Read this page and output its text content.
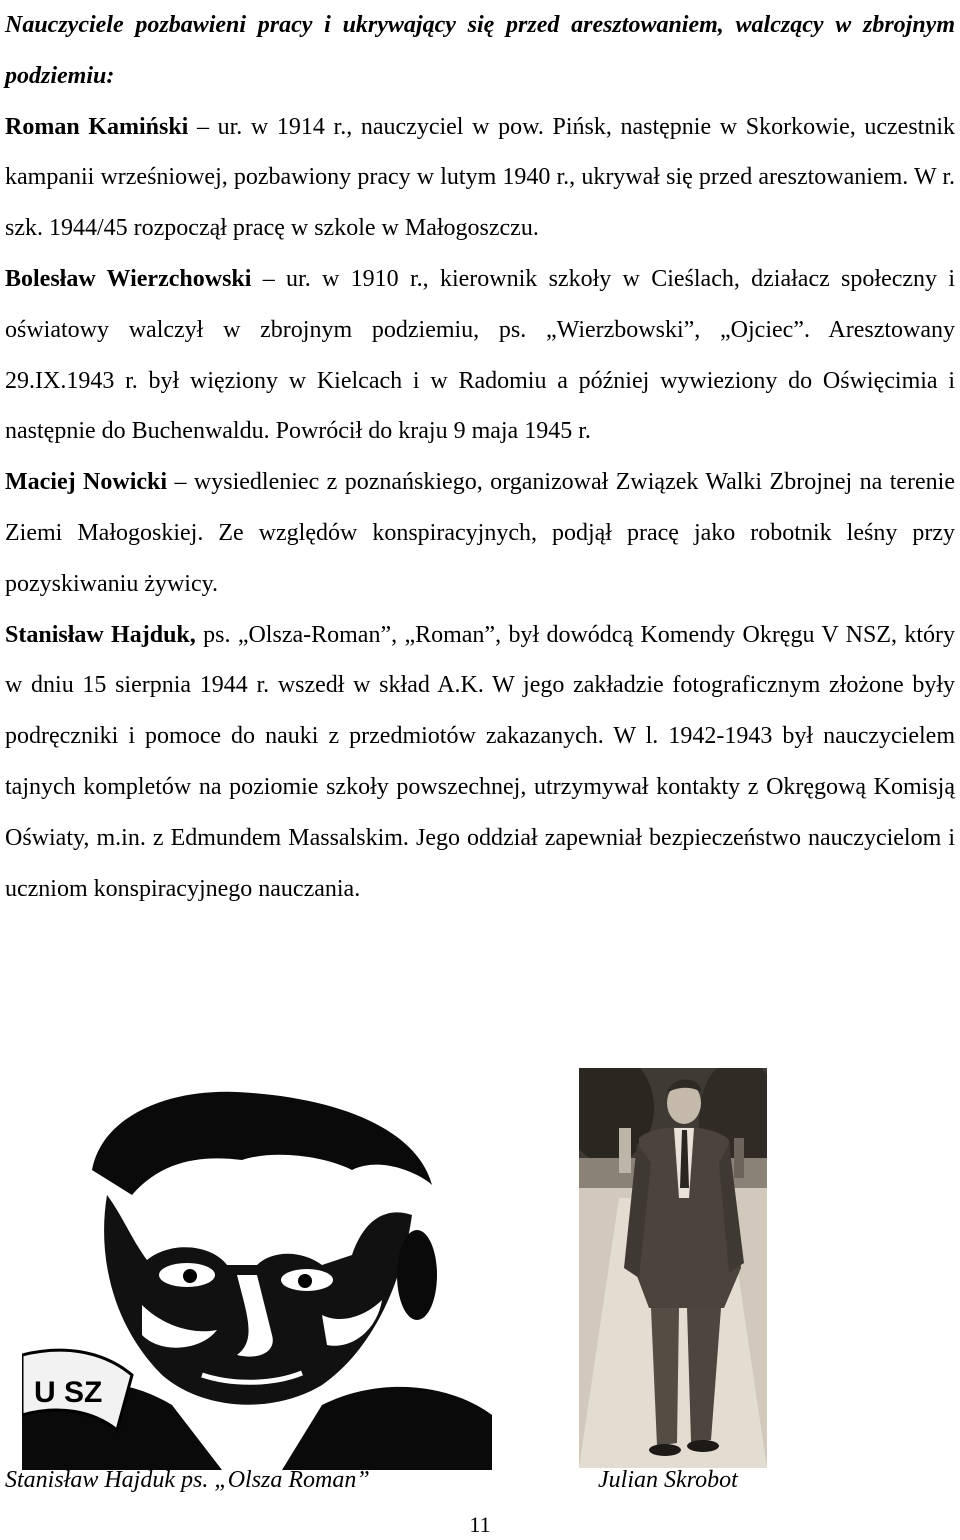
Nauczyciele pozbawieni pracy i ukrywający się przed aresztowaniem, walczący w zbrojnym podziemiu:

Roman Kamiński – ur. w 1914 r., nauczyciel w pow. Pińsk, następnie w Skorkowie, uczestnik kampanii wrześniowej, pozbawiony pracy w lutym 1940 r., ukrywał się przed aresztowaniem. W r. szk. 1944/45 rozpoczął pracę w szkole w Małogoszczu.

Bolesław Wierzchowski – ur. w 1910 r., kierownik szkoły w Cieślach, działacz społeczny i oświatowy walczył w zbrojnym podziemiu, ps. „Wierzbowski”, „Ojciec”. Aresztowany 29.IX.1943 r. był więziony w Kielcach i w Radomiu a później wywieziony do Oświęcimia i następnie do Buchenwaldu. Powrócił do kraju 9 maja 1945 r.

Maciej Nowicki – wysiedleniec z poznańskiego, organizował Związek Walki Zbrojnej na terenie Ziemi Małogoskiej. Ze względów konspiracyjnych, podjął pracę jako robotnik leśny przy pozyskiwaniu żywicy.

Stanisław Hajduk, ps. „Olsza-Roman”, „Roman”, był dowódcą Komendy Okręgu V NSZ, który w dniu 15 sierpnia 1944 r. wszedł w skład A.K. W jego zakładzie fotograficznym złożone były podręczniki i pomoce do nauki z przedmiotów zakazanych. W l. 1942-1943 był nauczycielem tajnych kompletów na poziomie szkoły powszechnej, utrzymywał kontakty z Okręgową Komisją Oświaty, m.in. z Edmundem Massalskim. Jego oddział zapewniał bezpieczeństwo nauczycielom i uczniom konspiracyjnego nauczania.

U SZ
Stanisław Hajduk ps. „Olsza Roman”	Julian Skrobot
11
